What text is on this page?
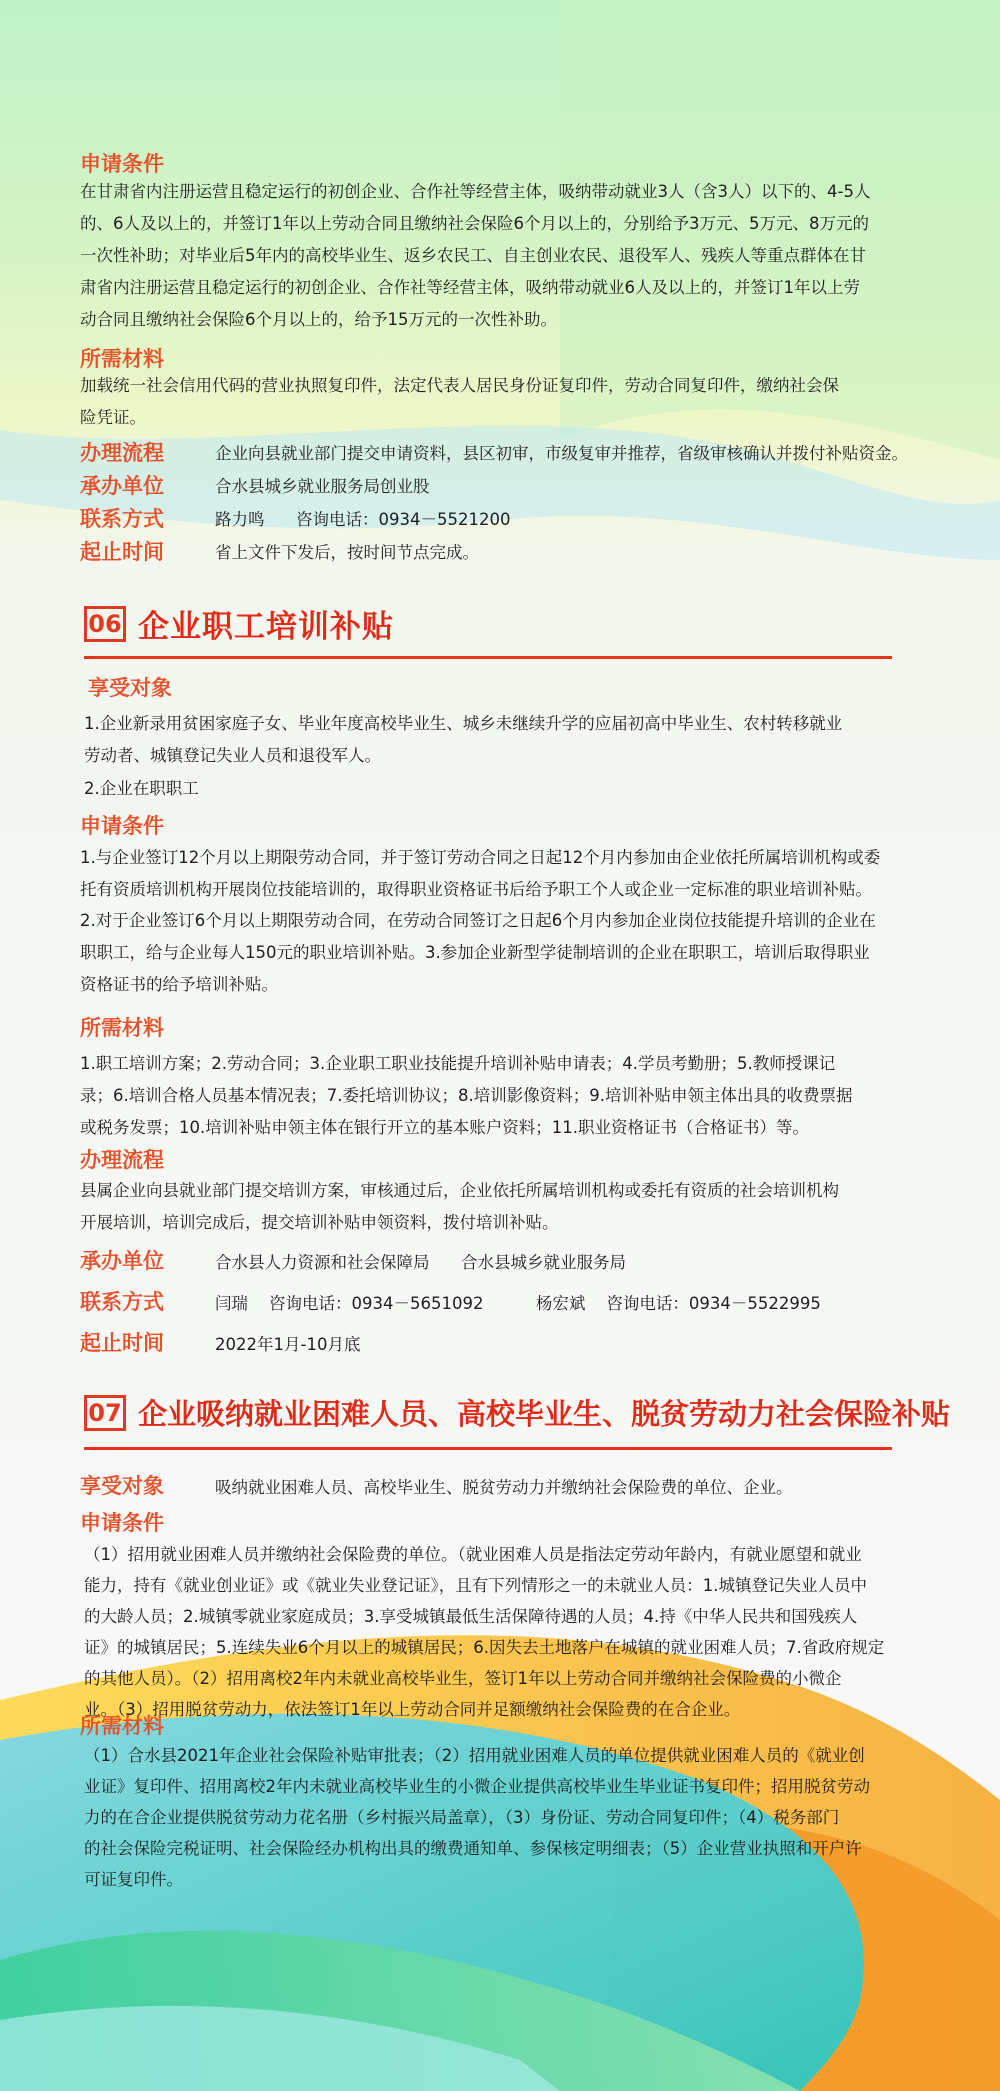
申请条件
在甘肃省内注册运营且稳定运行的初创企业、合作社等经营主体，吸纳带动就业3人（含3人）以下的、4-5人
的、6人及以上的，并签订1年以上劳动合同且缴纳社会保险6个月以上的，分别给予3万元、5万元、8万元的
一次性补助；对毕业后5年内的高校毕业生、返乡农民工、自主创业农民、退役军人、残疾人等重点群体在甘
肃省内注册运营且稳定运行的初创企业、合作社等经营主体，吸纳带动就业6人及以上的，并签订1年以上劳
动合同且缴纳社会保险6个月以上的，给予15万元的一次性补助。
所需材料
加载统一社会信用代码的营业执照复印件，法定代表人居民身份证复印件，劳动合同复印件，缴纳社会保
险凭证。
办理流程	企业向县就业部门提交申请资料，县区初审，市级复审并推荐，省级审核确认并拨付补贴资金。
承办单位	合水县城乡就业服务局创业股
联系方式	路力鸣      咨询电话：0934－5521200
起止时间	省上文件下发后，按时间节点完成。
06 企业职工培训补贴
享受对象
1.企业新录用贫困家庭子女、毕业年度高校毕业生、城乡未继续升学的应届初高中毕业生、农村转移就业
劳动者、城镇登记失业人员和退役军人。
2.企业在职职工
申请条件
1.与企业签订12个月以上期限劳动合同，并于签订劳动合同之日起12个月内参加由企业依托所属培训机构或委
托有资质培训机构开展岗位技能培训的，取得职业资格证书后给予职工个人或企业一定标准的职业培训补贴。
2.对于企业签订6个月以上期限劳动合同，在劳动合同签订之日起6个月内参加企业岗位技能提升培训的企业在
职职工，给与企业每人150元的职业培训补贴。3.参加企业新型学徒制培训的企业在职职工，培训后取得职业
资格证书的给予培训补贴。
所需材料
1.职工培训方案；2.劳动合同；3.企业职工职业技能提升培训补贴申请表；4.学员考勤册；5.教师授课记
录；6.培训合格人员基本情况表；7.委托培训协议；8.培训影像资料；9.培训补贴申领主体出具的收费票据
或税务发票；10.培训补贴申领主体在银行开立的基本账户资料；11.职业资格证书（合格证书）等。
办理流程
县属企业向县就业部门提交培训方案，审核通过后，企业依托所属培训机构或委托有资质的社会培训机构
开展培训，培训完成后，提交培训补贴申领资料，拨付培训补贴。
承办单位	合水县人力资源和社会保障局      合水县城乡就业服务局
联系方式	闫瑞    咨询电话：0934－5651092          杨宏斌    咨询电话：0934－5522995
起止时间	2022年1月-10月底
07 企业吸纳就业困难人员、高校毕业生、脱贫劳动力社会保险补贴
享受对象	吸纳就业困难人员、高校毕业生、脱贫劳动力并缴纳社会保险费的单位、企业。
申请条件
（1）招用就业困难人员并缴纳社会保险费的单位。（就业困难人员是指法定劳动年龄内，有就业愿望和就业
能力，持有《就业创业证》或《就业失业登记证》，且有下列情形之一的未就业人员：1.城镇登记失业人员中
的大龄人员；2.城镇零就业家庭成员；3.享受城镇最低生活保障待遇的人员；4.持《中华人民共和国残疾人
证》的城镇居民；5.连续失业6个月以上的城镇居民；6.因失去土地落户在城镇的就业困难人员；7.省政府规定
的其他人员）。（2）招用离校2年内未就业高校毕业生，签订1年以上劳动合同并缴纳社会保险费的小微企
业。（3）招用脱贫劳动力，依法签订1年以上劳动合同并足额缴纳社会保险费的在合企业。
所需材料
（1）合水县2021年企业社会保险补贴审批表；（2）招用就业困难人员的单位提供就业困难人员的《就业创
业证》复印件、招用离校2年内未就业高校毕业生的小微企业提供高校毕业生毕业证书复印件；招用脱贫劳动
力的在合企业提供脱贫劳动力花名册（乡村振兴局盖章），（3）身份证、劳动合同复印件；（4）税务部门
的社会保险完税证明、社会保险经办机构出具的缴费通知单、参保核定明细表；（5）企业营业执照和开户许
可证复印件。
